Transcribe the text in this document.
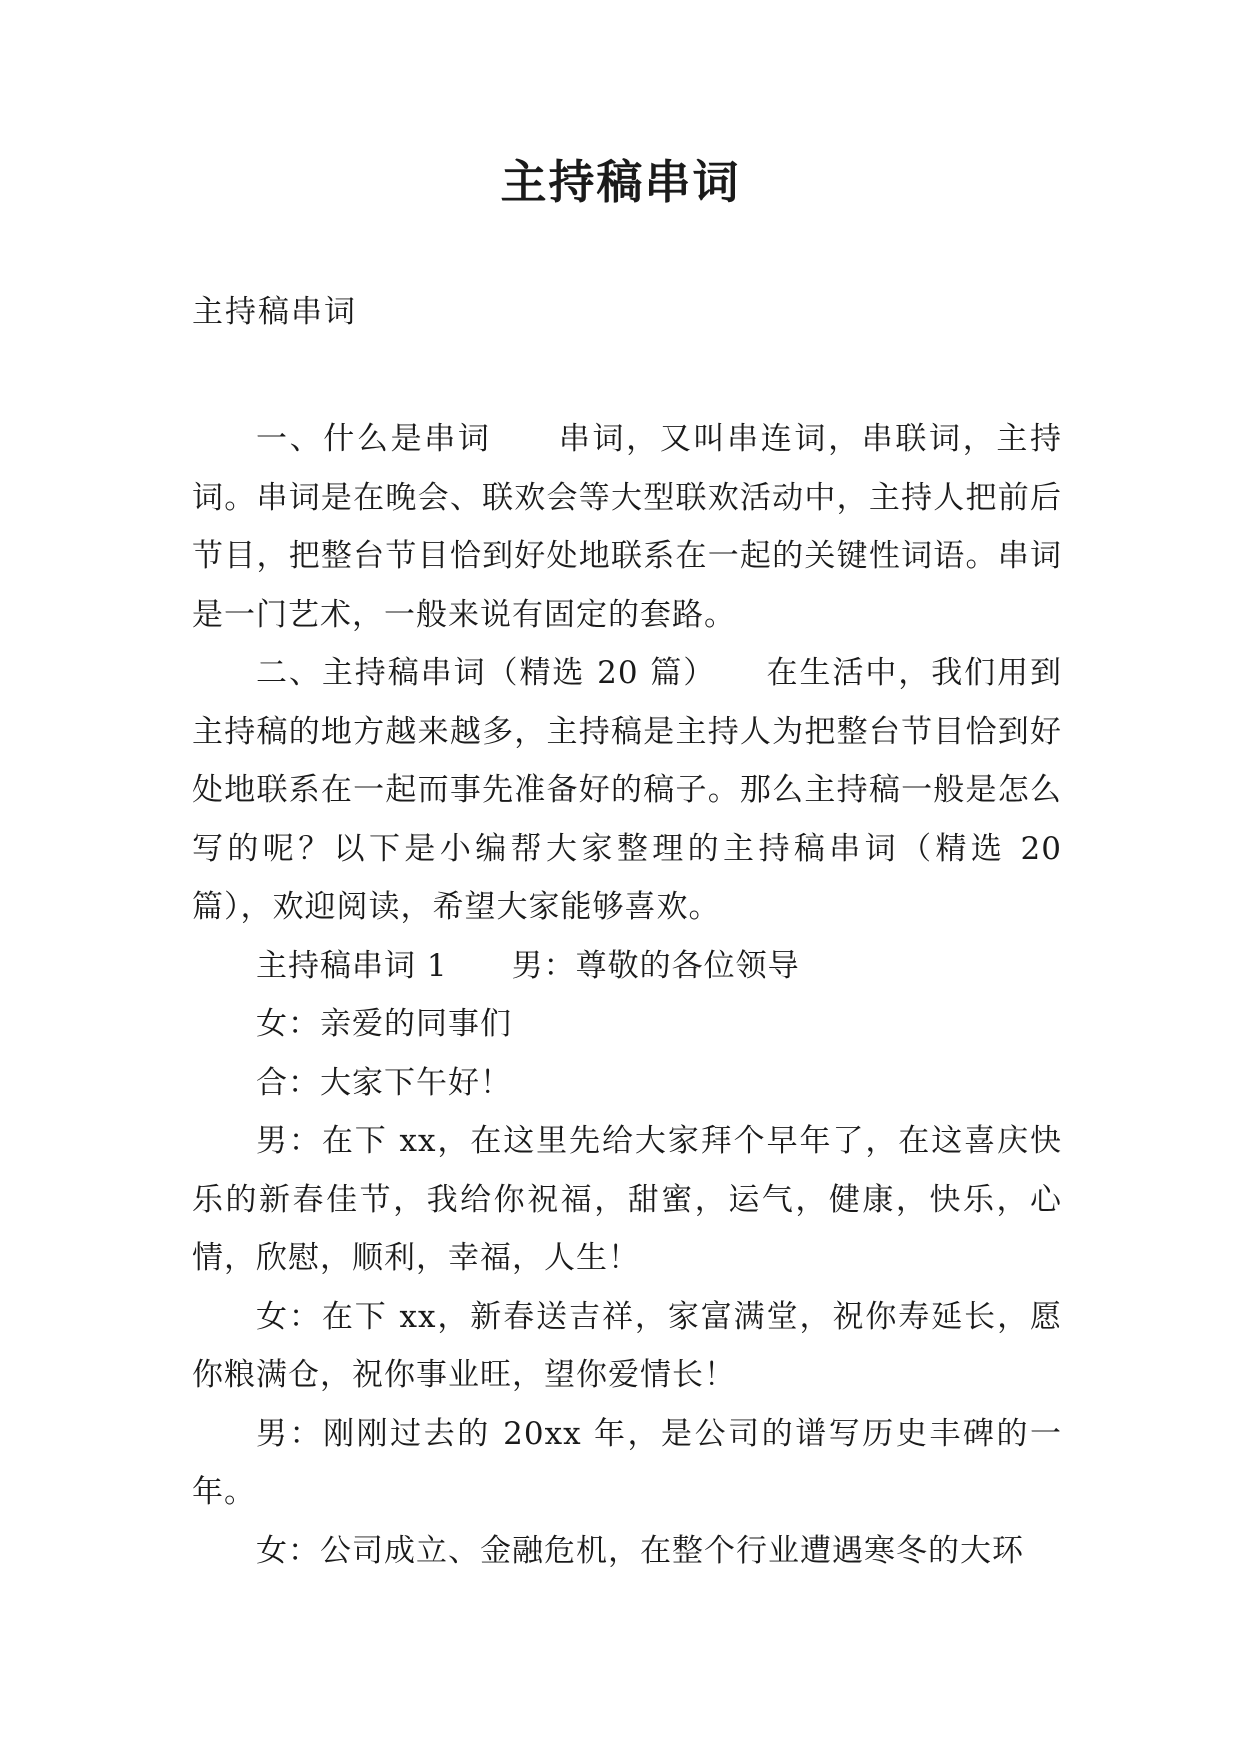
主持稿串词
主持稿串词

一、什么是串词　　串词，又叫串连词，串联词，主持词。串词是在晚会、联欢会等大型联欢活动中，主持人把前后节目，把整台节目恰到好处地联系在一起的关键性词语。串词是一门艺术，一般来说有固定的套路。

二、主持稿串词（精选 20 篇）　　在生活中，我们用到主持稿的地方越来越多，主持稿是主持人为把整台节目恰到好处地联系在一起而事先准备好的稿子。那么主持稿一般是怎么写的呢？以下是小编帮大家整理的主持稿串词（精选 20 篇），欢迎阅读，希望大家能够喜欢。

主持稿串词 1　　男：尊敬的各位领导

女：亲爱的同事们

合：大家下午好！

男：在下 xx，在这里先给大家拜个早年了，在这喜庆快乐的新春佳节，我给你祝福，甜蜜，运气，健康，快乐，心情，欣慰，顺利，幸福，人生！

女：在下 xx，新春送吉祥，家富满堂，祝你寿延长，愿你粮满仓，祝你事业旺，望你爱情长！

男：刚刚过去的 20xx 年，是公司的谱写历史丰碑的一年。

女：公司成立、金融危机，在整个行业遭遇寒冬的大环
